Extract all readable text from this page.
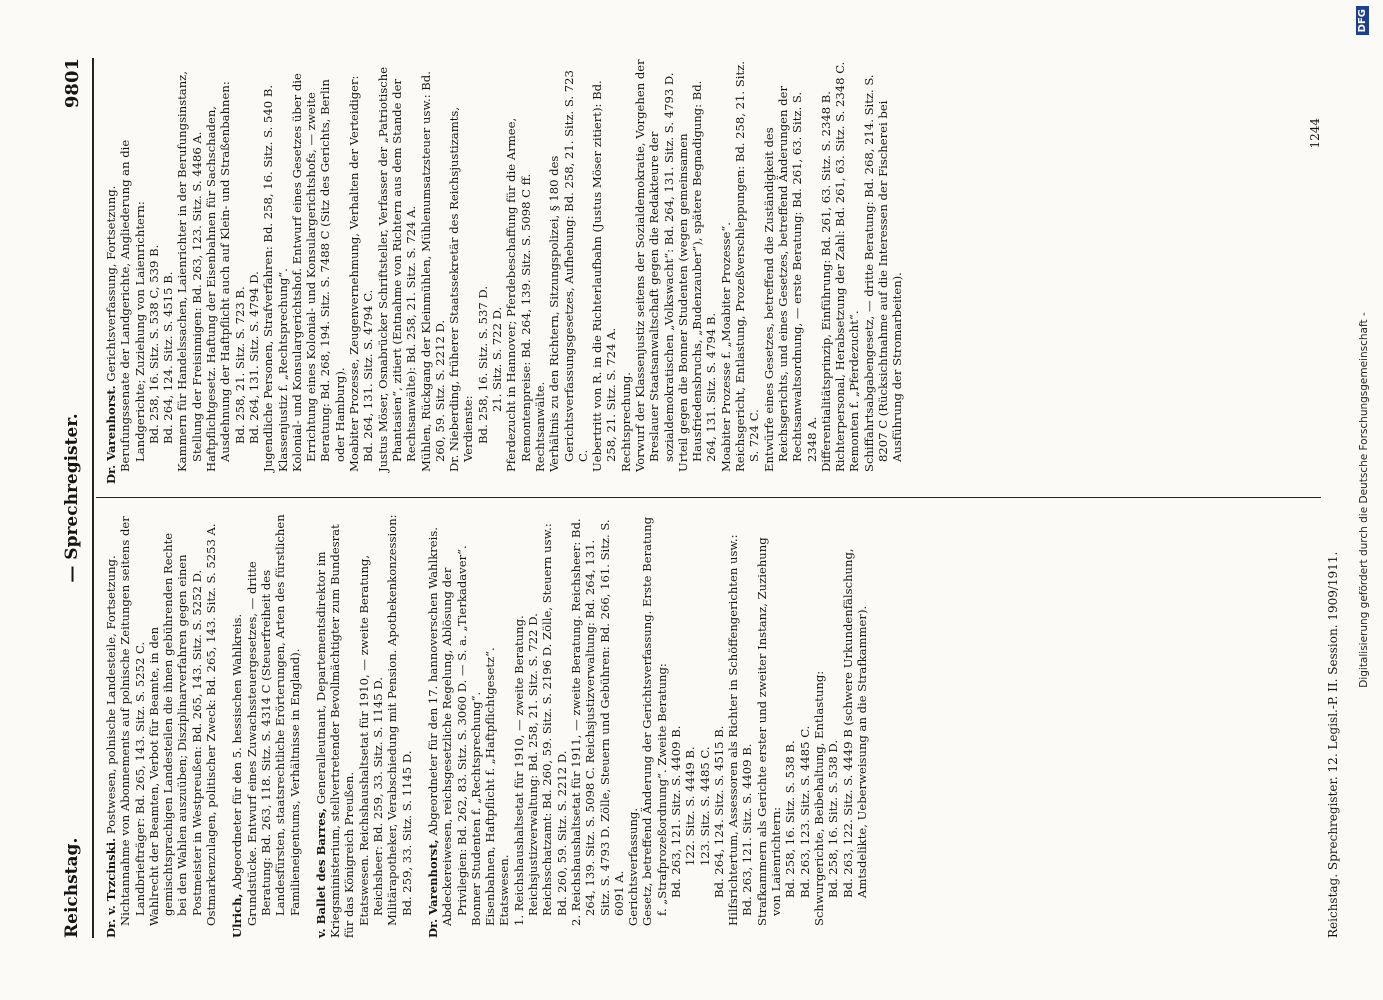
Reichstag.
— Sprechregister.
9801

Dr. v. Trzcinski. Postwesen, polnische Landesteile, Fortsetzung. Nichtannahme von Abonnements auf polnische Zeitungen seitens der Landbriefträger: Bd. 265, 143. Sitz. S. 5252 C. Wahlrecht der Beamten, Verbot für Beamte, in den gemischtsprachigen Landesteilen die ihnen gebührenden Rechte bei den Wahlen auszuüben; Disziplinarverfahren gegen einen Postmeister in Westpreußen: Bd. 265, 143. Sitz. S. 5252 D. Ostmarkenzulagen, politischer Zweck: Bd. 265, 143. Sitz. S. 5253 A. Ulrich, Abgeordneter für den 5. hessischen Wahlkreis. Grundstücke. Entwurf eines Zuwachssteuergesetzes, — dritte Beratung: Bd. 263, 118. Sitz. S. 4314 C (Steuerfreiheit des Landesfürsten, staatsrechtliche Erörterungen, Arten des fürstlichen Familieneigentums, Verhältnisse in England). v. Ballet des Barres, Generalleutnant, Departementsdirektor im Kriegsministerium, stellvertretender Bevollmächtigter zum Bundesrat für das Königreich Preußen. Etatswesen. Reichshaushaltsetat für 1910, — zweite Beratung, Reichsheer: Bd. 259, 33. Sitz. S. 1145 D. Militärapotheker, Verabschiedung mit Pension. Apothekenkonzession: Bd. 259, 33. Sitz. S. 1145 D. Dr. Varenhorst, Abgeordneter für den 17. hannoverschen Wahlkreis. Abdeckereiwesen, reichsgesetzliche Regelung, Ablösung der Privilegien: Bd. 262, 83. Sitz. S. 3060 D. — S. a. „Tierkadaver“. Bonner Studenten f. „Rechtsprechung“. Eisenbahnen, Haftpflicht f. „Haftpflichtgesetz“. Etatswesen. 1. Reichshaushaltsetat für 1910, — zweite Beratung. Reichsjustizverwaltung: Bd. 258, 21. Sitz. S. 722 D. Reichsschatzamt: Bd. 260, 59. Sitz. S. 2196 D. Zölle, Steuern usw.: Bd. 260, 59. Sitz. S. 2212 D. 2. Reichshaushaltsetat für 1911, — zweite Beratung. Reichsheer: Bd. 264, 139. Sitz. S. 5098 C. Reichsjustizverwaltung: Bd. 264, 131. Sitz. S. 4793 D. Zölle, Steuern und Gebühren: Bd. 266, 161. Sitz. S. 6091 A. Gerichtsverfassung. Gesetz, betreffend Änderung der Gerichtsverfassung. Erste Beratung f. „Strafprozeßordnung“. Zweite Beratung: Bd. 263, 121. Sitz. S. 4409 B. 122. Sitz. S. 4449 B. 123. Sitz. S. 4485 C. Bd. 264, 124. Sitz. S. 4515 B. Hilfsrichtertum, Assessoren als Richter in Schöffengerichten usw.: Bd. 263, 121. Sitz. S. 4409 B. Strafkammern als Gerichte erster und zweiter Instanz, Zuziehung von Laienrichtern: Bd. 258, 16. Sitz. S. 538 B. Bd. 263, 123. Sitz. S. 4485 C. Schwurgerichte, Beibehaltung, Entlastung: Bd. 258, 16. Sitz. S. 538 D. Bd. 263, 122. Sitz. S. 4449 B (schwere Urkundenfälschung, Amtsdelikte, Ueberweisung an die Strafkammer).

Dr. Varenhorst. Gerichtsverfassung, Fortsetzung. Berufungssenate der Landgerichte, Angliederung an die Landgerichte; Zuziehung von Laienrichtern: Bd. 258, 16. Sitz. S. 538 C, 539 B. Bd. 264, 124. Sitz. S. 4515 B. Kammern für Handelssachen, Laienrichter in der Berufungsinstanz, Stellung der Freisinnigen: Bd. 263, 123. Sitz. S. 4486 A. Haftpflichtgesetz. Haftung der Eisenbahnen für Sachschaden, Ausdehnung der Haftpflicht auch auf Klein- und Straßenbahnen: Bd. 258, 21. Sitz. S. 723 B. Bd. 264, 131. Sitz. S. 4794 D. Jugendliche Personen, Strafverfahren: Bd. 258, 16. Sitz. S. 540 B. Klassenjustiz f. „Rechtsprechung“. Kolonial- und Konsulargerichtshof. Entwurf eines Gesetzes über die Errichtung eines Kolonial- und Konsulargerichtshofs, — zweite Beratung: Bd. 268, 194. Sitz. S. 7488 C (Sitz des Gerichts, Berlin oder Hamburg). Moabiter Prozesse, Zeugenvernehmung, Verhalten der Verteidiger: Bd. 264, 131. Sitz. S. 4794 C. Justus Möser, Osnabrücker Schriftsteller, Verfasser der „Patriotische Phantasien“, zitiert (Entnahme von Richtern aus dem Stande der Rechtsanwälte): Bd. 258, 21. Sitz. S. 724 A. Mühlen, Rückgang der Kleinmühlen, Mühlenumsatzsteuer usw.: Bd. 260, 59. Sitz. S. 2212 D. Dr. Nieberding, früherer Staatssekretär des Reichsjustizamts, Verdienste: Bd. 258, 16. Sitz. S. 537 D. 21. Sitz. S. 722 D. Pferdezucht in Hannover; Pferdebeschaffung für die Armee, Remontenpreise: Bd. 264, 139. Sitz. S. 5098 C ff. Rechtsanwälte. Verhältnis zu den Richtern, Sitzungspolizei, § 180 des Gerichtsverfassungsgesetzes, Aufhebung: Bd. 258, 21. Sitz. S. 723 C. Uebertritt von R. in die Richterlaufbahn (Justus Möser zitiert): Bd. 258, 21. Sitz. S. 724 A. Rechtsprechung. Vorwurf der Klassenjustiz seitens der Sozialdemokratie, Vorgehen der Breslauer Staatsanwaltschaft gegen die Redakteure der sozialdemokratischen „Volkswacht“: Bd. 264, 131. Sitz. S. 4793 D. Urteil gegen die Bonner Studenten (wegen gemeinsamen Hausfriedensbruchs, „Budenzauber“), spätere Begnadigung: Bd. 264, 131. Sitz. S. 4794 B. Moabiter Prozesse f. „Moabiter Prozesse“. Reichsgericht, Entlastung, Prozeßverschleppungen: Bd. 258, 21. Sitz. S. 724 C. Entwürfe eines Gesetzes, betreffend die Zuständigkeit des Reichsgerichts, und eines Gesetzes, betreffend Änderungen der Rechtsanwaltsordnung, — erste Beratung: Bd. 261, 63. Sitz. S. 2348 A. Differentialitätsprinzip, Einführung: Bd. 261, 63. Sitz. S. 2348 B. Richterpersonal, Herabsetzung der Zahl: Bd. 261, 63. Sitz. S. 2348 C. Remonten f. „Pferdezucht“. Schiffahrtsabgabengesetz, — dritte Beratung: Bd. 268, 214. Sitz. S. 8207 C (Rücksichtnahme auf die Interessen der Fischerei bei Ausführung der Stromarbeiten).

Reichstag. Sprechregister. 12. Legisl.-P. II. Session. 1909/1911.
1244
Digitalisierung gefördert durch die Deutsche Forschungsgemeinschaft -
DFG
